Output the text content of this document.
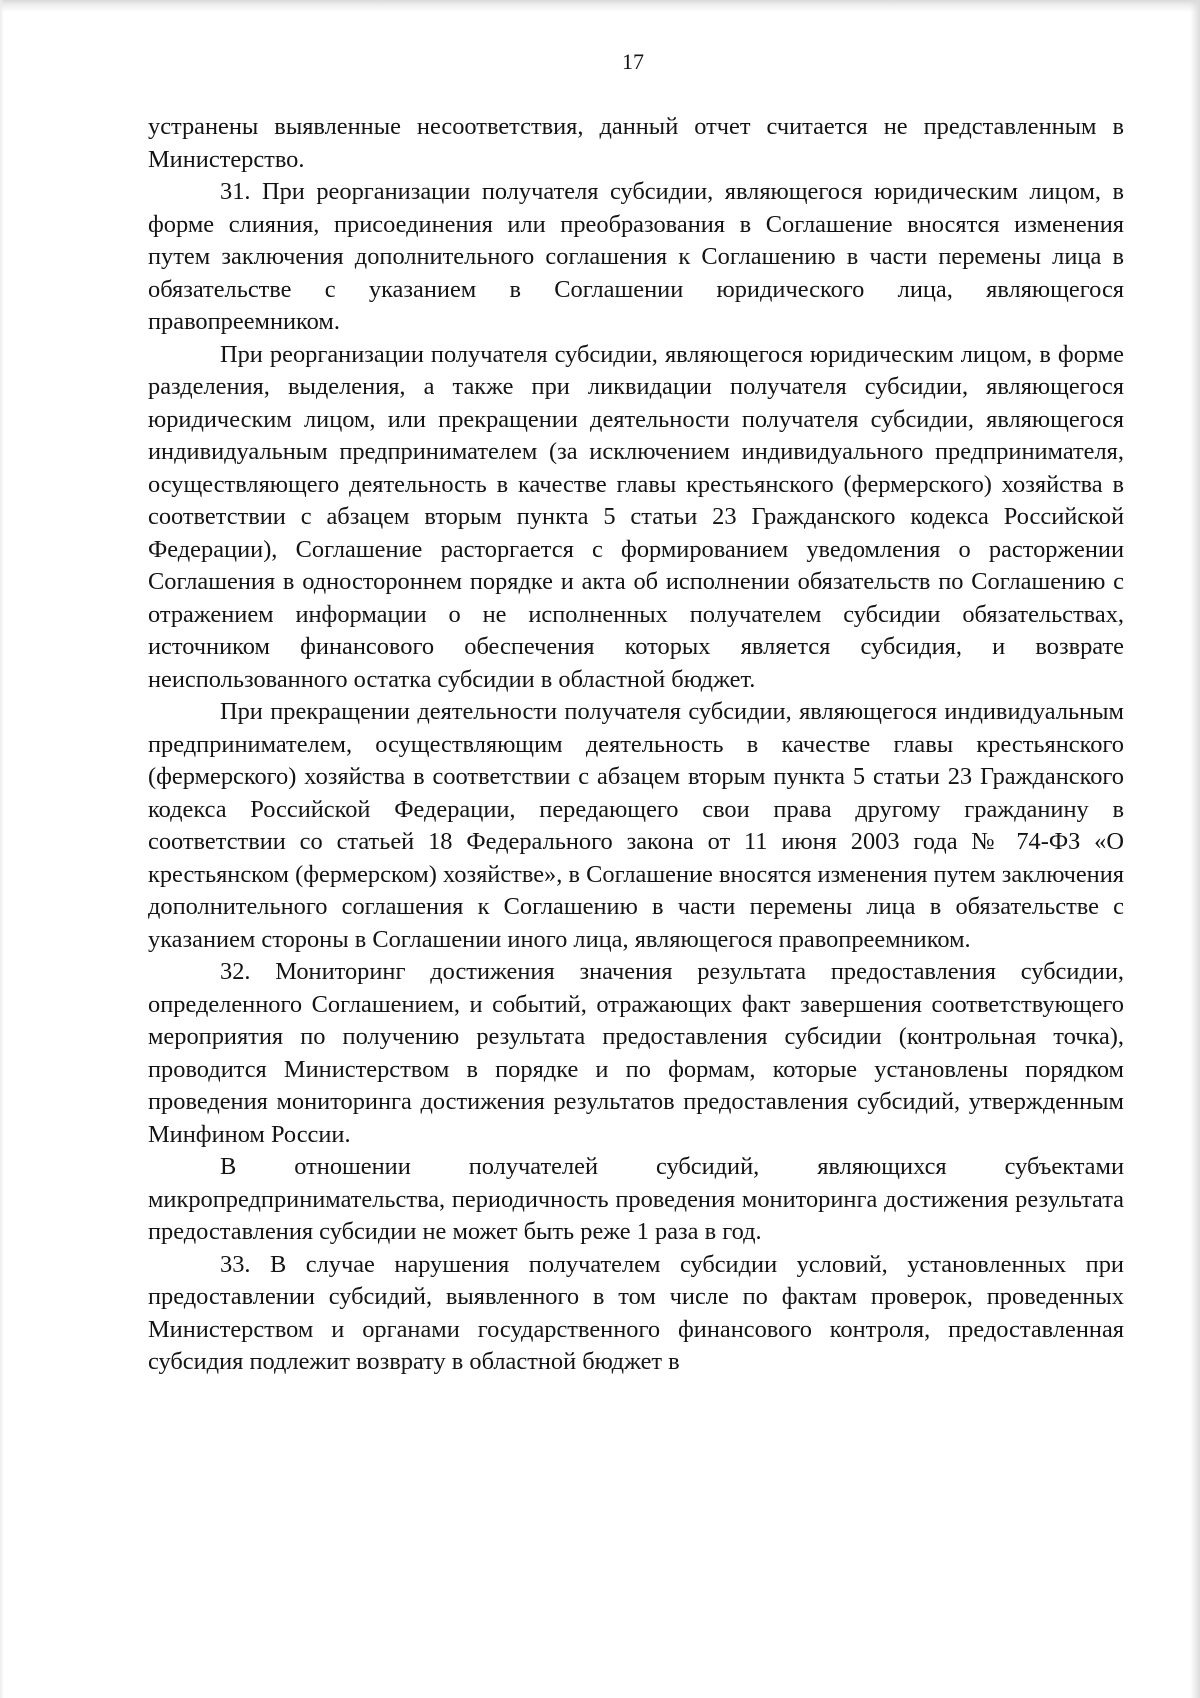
17

устранены выявленные несоответствия, данный отчет считается не представленным в Министерство.

31. При реорганизации получателя субсидии, являющегося юридическим лицом, в форме слияния, присоединения или преобразования в Соглашение вносятся изменения путем заключения дополнительного соглашения к Соглашению в части перемены лица в обязательстве с указанием в Соглашении юридического лица, являющегося правопреемником.

При реорганизации получателя субсидии, являющегося юридическим лицом, в форме разделения, выделения, а также при ликвидации получателя субсидии, являющегося юридическим лицом, или прекращении деятельности получателя субсидии, являющегося индивидуальным предпринимателем (за исключением индивидуального предпринимателя, осуществляющего деятельность в качестве главы крестьянского (фермерского) хозяйства в соответствии с абзацем вторым пункта 5 статьи 23 Гражданского кодекса Российской Федерации), Соглашение расторгается с формированием уведомления о расторжении Соглашения в одностороннем порядке и акта об исполнении обязательств по Соглашению с отражением информации о не исполненных получателем субсидии обязательствах, источником финансового обеспечения которых является субсидия, и возврате неиспользованного остатка субсидии в областной бюджет.

При прекращении деятельности получателя субсидии, являющегося индивидуальным предпринимателем, осуществляющим деятельность в качестве главы крестьянского (фермерского) хозяйства в соответствии с абзацем вторым пункта 5 статьи 23 Гражданского кодекса Российской Федерации, передающего свои права другому гражданину в соответствии со статьей 18 Федерального закона от 11 июня 2003 года № 74-ФЗ «О крестьянском (фермерском) хозяйстве», в Соглашение вносятся изменения путем заключения дополнительного соглашения к Соглашению в части перемены лица в обязательстве с указанием стороны в Соглашении иного лица, являющегося правопреемником.

32. Мониторинг достижения значения результата предоставления субсидии, определенного Соглашением, и событий, отражающих факт завершения соответствующего мероприятия по получению результата предоставления субсидии (контрольная точка), проводится Министерством в порядке и по формам, которые установлены порядком проведения мониторинга достижения результатов предоставления субсидий, утвержденным Минфином России.

В отношении получателей субсидий, являющихся субъектами микропредпринимательства, периодичность проведения мониторинга достижения результата предоставления субсидии не может быть реже 1 раза в год.

33. В случае нарушения получателем субсидии условий, установленных при предоставлении субсидий, выявленного в том числе по фактам проверок, проведенных Министерством и органами государственного финансового контроля, предоставленная субсидия подлежит возврату в областной бюджет в
